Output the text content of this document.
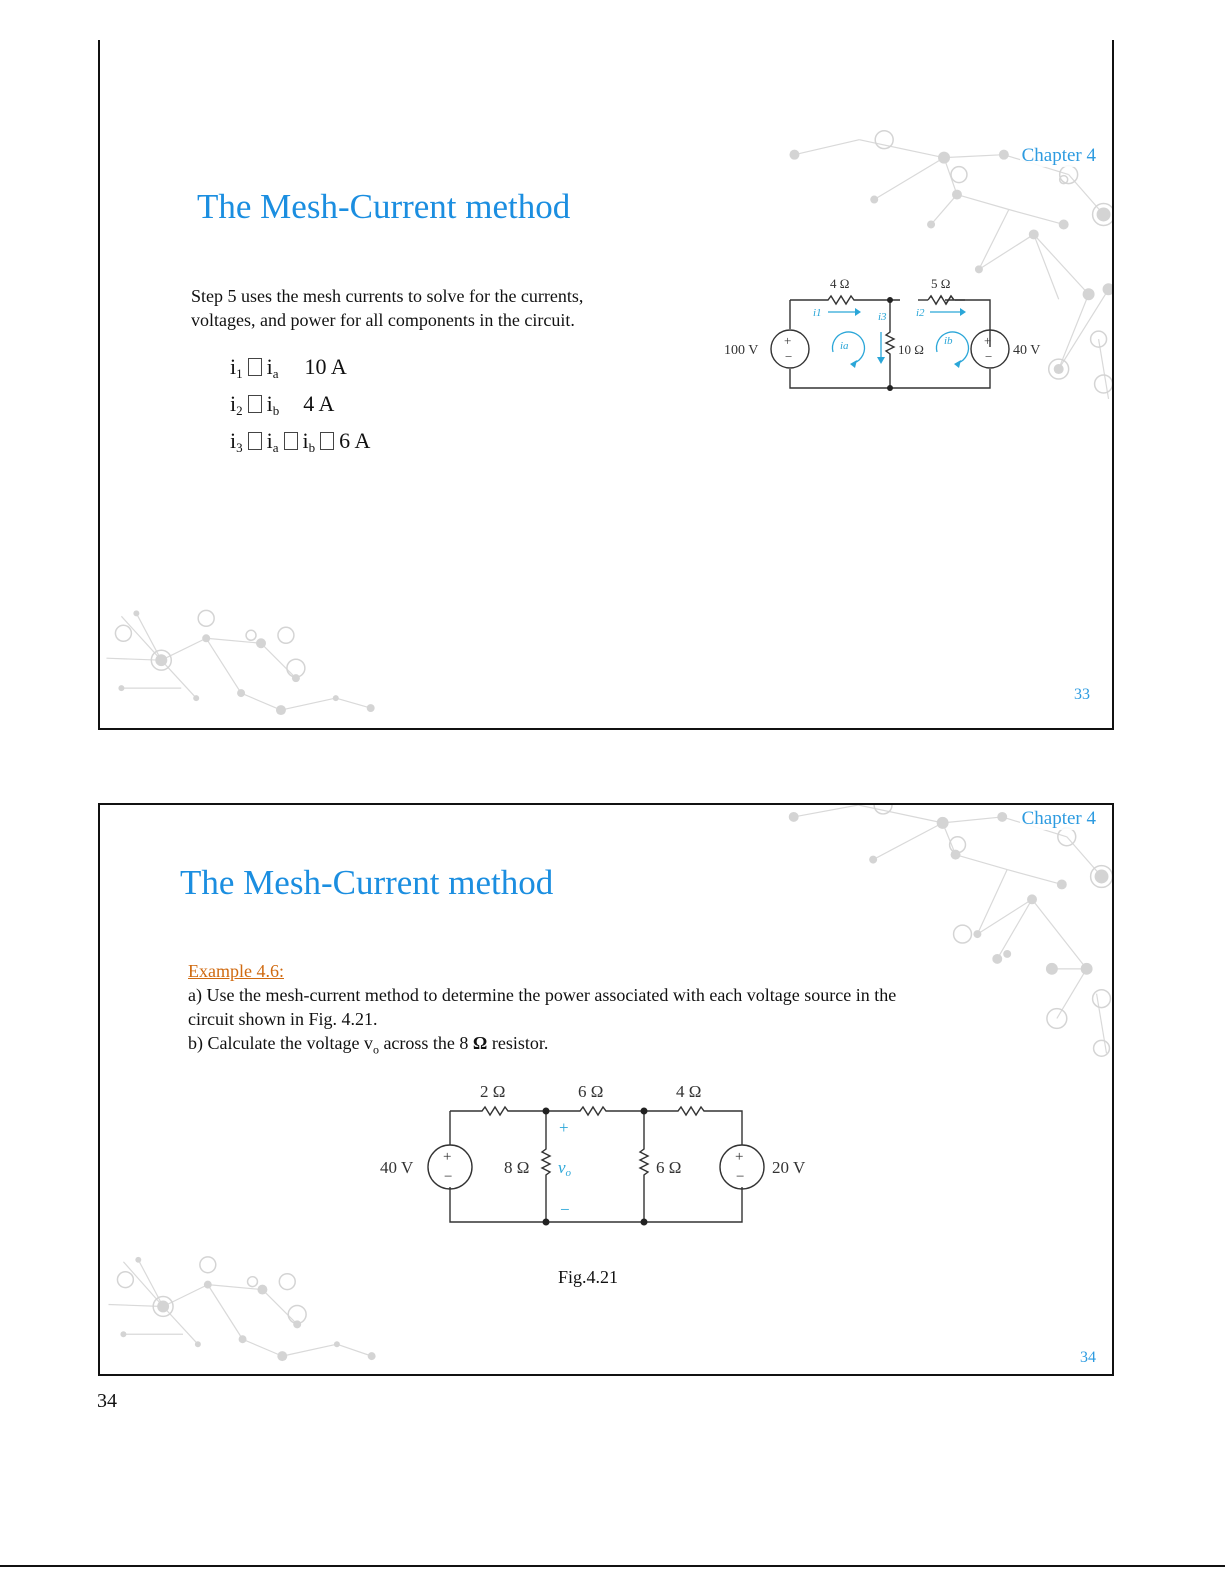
Chapter 4
The Mesh-Current method
Step 5 uses the mesh currents to solve for the currents,
voltages, and power for all components in the circuit.
$i_1$ $i_a$ 10 A
$i_2$ $i_b$ 4 A
$i_3$ $i_a$ $i_b$ 6 A
+
−
+
−
100 V	40 V
4 Ω	5 Ω
10 Ω
i1	i2
i3
ia	ib
33
Chapter 4
The Mesh-Current method
Example 4.6:
a) Use the mesh-current method to determine the power associated with each voltage source in the
circuit shown in Fig. 4.21.
b) Calculate the voltage $v_o$ across the 8 Ω resistor.
+
−
+
−
40 V	20 V
2 Ω	6 Ω	4 Ω
8 Ω	6 Ω
+
vo
−
Fig.4.21
34
34
